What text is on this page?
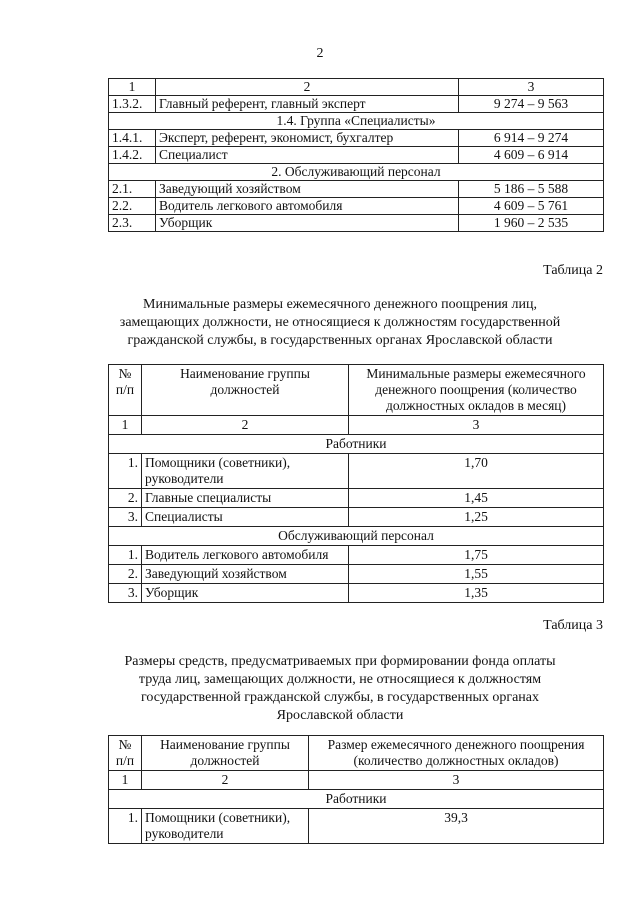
2
1	2	3
1.3.2.	Главный референт, главный эксперт	9 274 – 9 563
1.4. Группа «Специалисты»		
1.4.1.	Эксперт, референт, экономист, бухгалтер	6 914 – 9 274
1.4.2.	Специалист	4 609 – 6 914
2. Обслуживающий персонал		
2.1.	Заведующий хозяйством	5 186 – 5 588
2.2.	Водитель легкового автомобиля	4 609 – 5 761
2.3.	Уборщик	1 960 – 2 535
Таблица 2
Минимальные размеры ежемесячного денежного поощрения лиц,
замещающих должности, не относящиеся к должностям государственной
гражданской службы, в государственных органах Ярославской области
№ п/п	Наименование группы должностей	Минимальные размеры ежемесячного денежного поощрения (количество должностных окладов в месяц)
1	2	3
Работники		
1.	Помощники (советники), руководители	1,70
2.	Главные специалисты	1,45
3.	Специалисты	1,25
Обслуживающий персонал		
1.	Водитель легкового автомобиля	1,75
2.	Заведующий хозяйством	1,55
3.	Уборщик	1,35
Таблица 3
Размеры средств, предусматриваемых при формировании фонда оплаты
труда лиц, замещающих должности, не относящиеся к должностям
государственной гражданской службы, в государственных органах
Ярославской области
№ п/п	Наименование группы должностей	Размер ежемесячного денежного поощрения (количество должностных окладов)
1	2	3
Работники		
1.	Помощники (советники), руководители	39,3
